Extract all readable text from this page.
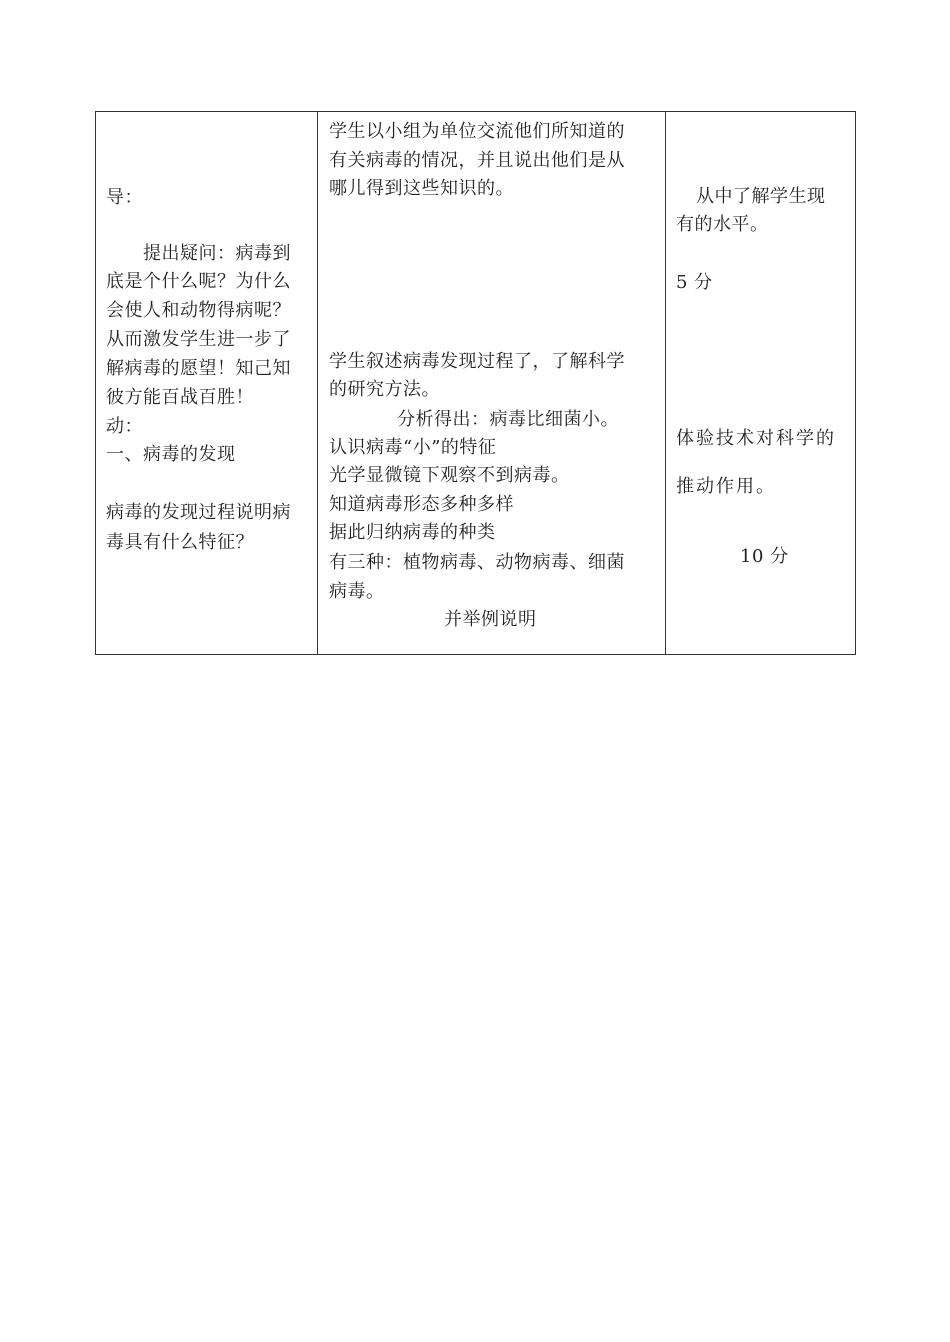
导：
提出疑问：病毒到
底是个什么呢？为什么
会使人和动物得病呢？
从而激发学生进一步了
解病毒的愿望！知己知
彼方能百战百胜！
动：
一、病毒的发现
病毒的发现过程说明病
毒具有什么特征？
学生以小组为单位交流他们所知道的
有关病毒的情况，并且说出他们是从
哪儿得到这些知识的。
学生叙述病毒发现过程了，了解科学
的研究方法。
分析得出：病毒比细菌小。
认识病毒“小”的特征
光学显微镜下观察不到病毒。
知道病毒形态多种多样
据此归纳病毒的种类
有三种：植物病毒、动物病毒、细菌
病毒。
并举例说明
从中了解学生现
有的水平。
5 分
体验技术对科学的
推动作用。
10 分
